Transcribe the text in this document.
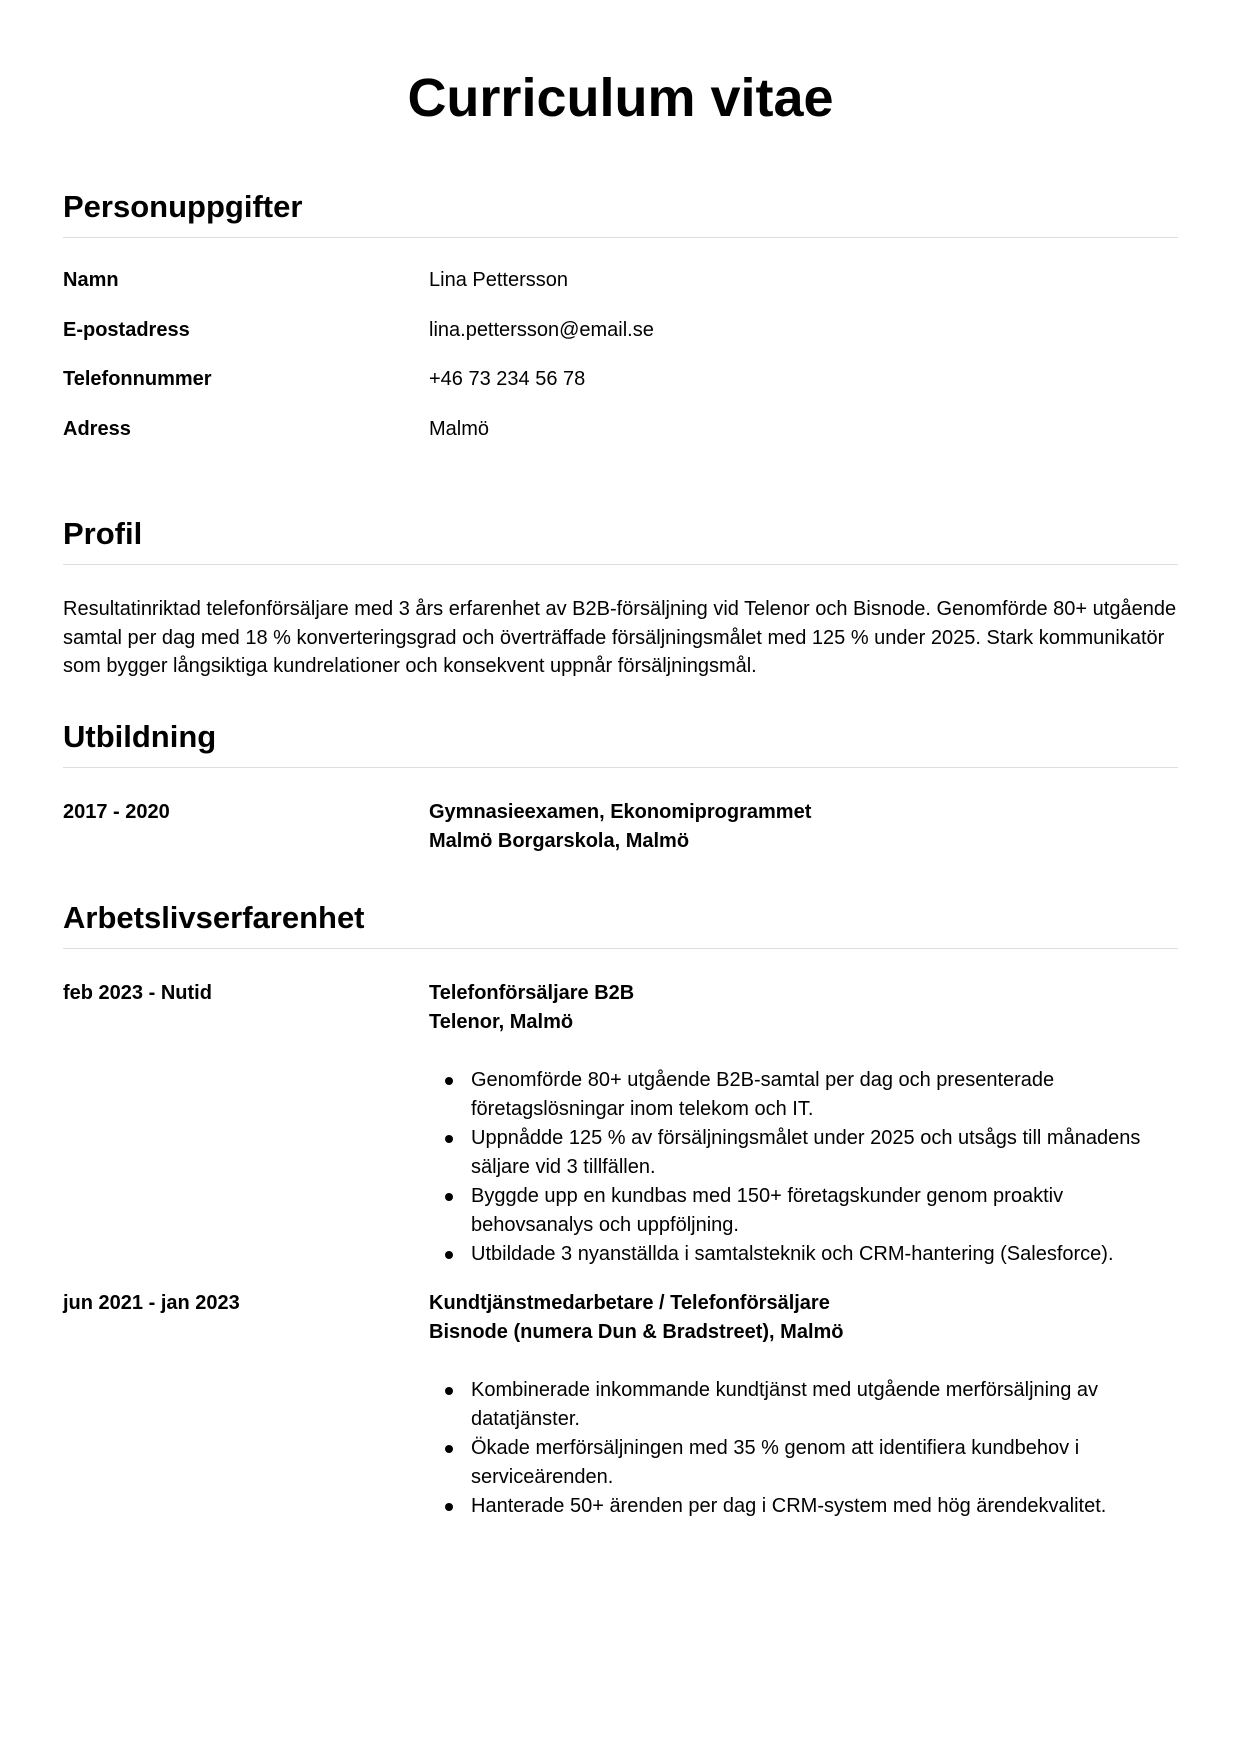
Curriculum vitae
Personuppgifter
Namn	Lina Pettersson
E-postadress	lina.pettersson@email.se
Telefonnummer	+46 73 234 56 78
Adress	Malmö
Profil

Resultatinriktad telefonförsäljare med 3 års erfarenhet av B2B-försäljning vid Telenor och Bisnode. Genomförde 80+ utgående samtal per dag med 18 % konverteringsgrad och överträffade försäljningsmålet med 125 % under 2025. Stark kommunikatör som bygger långsiktiga kundrelationer och konsekvent uppnår försäljningsmål.

Utbildning
2017 - 2020	Gymnasieexamen, Ekonomiprogrammet
Malmö Borgarskola, Malmö
Arbetslivserfarenhet
feb 2023 - Nutid	Telefonförsäljare B2B
Telenor, Malmö
Genomförde 80+ utgående B2B-samtal per dag och presenterade företagslösningar inom telekom och IT.
Uppnådde 125 % av försäljningsmålet under 2025 och utsågs till månadens säljare vid 3 tillfällen.
Byggde upp en kundbas med 150+ företagskunder genom proaktiv behovsanalys och uppföljning.
Utbildade 3 nyanställda i samtalsteknik och CRM-hantering (Salesforce).
jun 2021 - jan 2023	Kundtjänstmedarbetare / Telefonförsäljare
Bisnode (numera Dun & Bradstreet), Malmö
Kombinerade inkommande kundtjänst med utgående merförsäljning av datatjänster.
Ökade merförsäljningen med 35 % genom att identifiera kundbehov i serviceärenden.
Hanterade 50+ ärenden per dag i CRM-system med hög ärendekvalitet.
